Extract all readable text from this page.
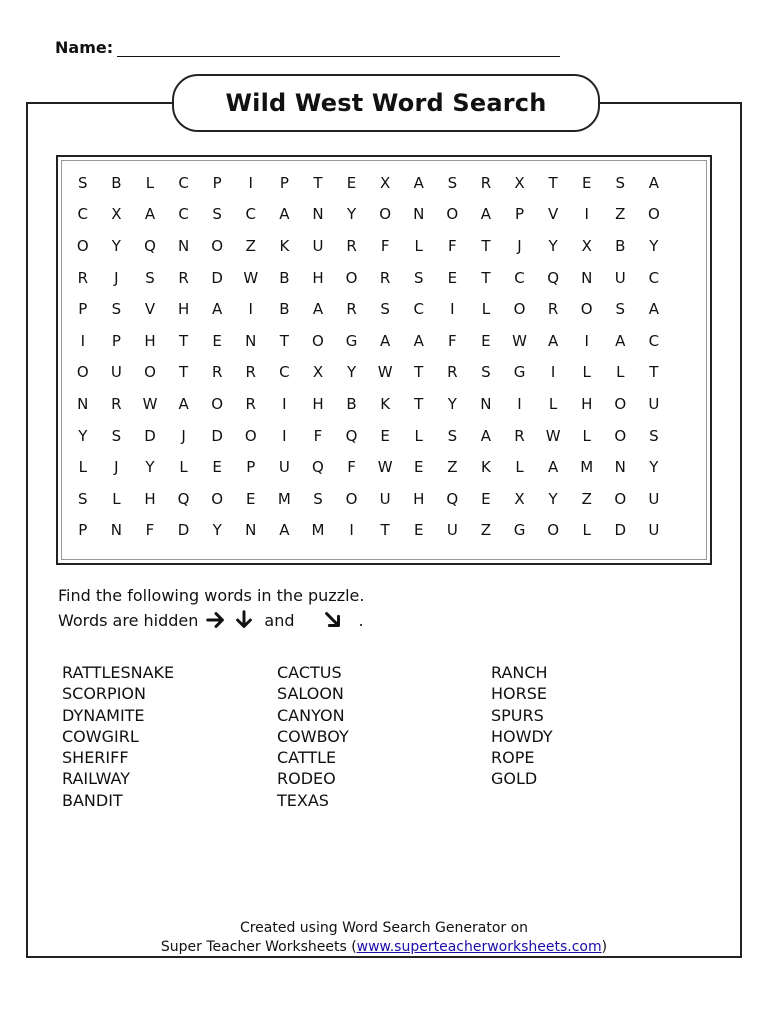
Name:
Wild West Word Search
S	B	L	C	P	I	P	T	E	X	A	S	R	X	T	E	S	A
C	X	A	C	S	C	A	N	Y	O	N	O	A	P	V	I	Z	O
O	Y	Q	N	O	Z	K	U	R	F	L	F	T	J	Y	X	B	Y
R	J	S	R	D	W	B	H	O	R	S	E	T	C	Q	N	U	C
P	S	V	H	A	I	B	A	R	S	C	I	L	O	R	O	S	A
I	P	H	T	E	N	T	O	G	A	A	F	E	W	A	I	A	C
O	U	O	T	R	R	C	X	Y	W	T	R	S	G	I	L	L	T
N	R	W	A	O	R	I	H	B	K	T	Y	N	I	L	H	O	U
Y	S	D	J	D	O	I	F	Q	E	L	S	A	R	W	L	O	S
L	J	Y	L	E	P	U	Q	F	W	E	Z	K	L	A	M	N	Y
S	L	H	Q	O	E	M	S	O	U	H	Q	E	X	Y	Z	O	U
P	N	F	D	Y	N	A	M	I	T	E	U	Z	G	O	L	D	U
Find the following words in the puzzle.
Words are hidden	and	.
RATTLESNAKE
SCORPION
DYNAMITE
COWGIRL
SHERIFF
RAILWAY
BANDIT
CACTUS
SALOON
CANYON
COWBOY
CATTLE
RODEO
TEXAS
RANCH
HORSE
SPURS
HOWDY
ROPE
GOLD
Created using Word Search Generator on
Super Teacher Worksheets (www.superteacherworksheets.com)
